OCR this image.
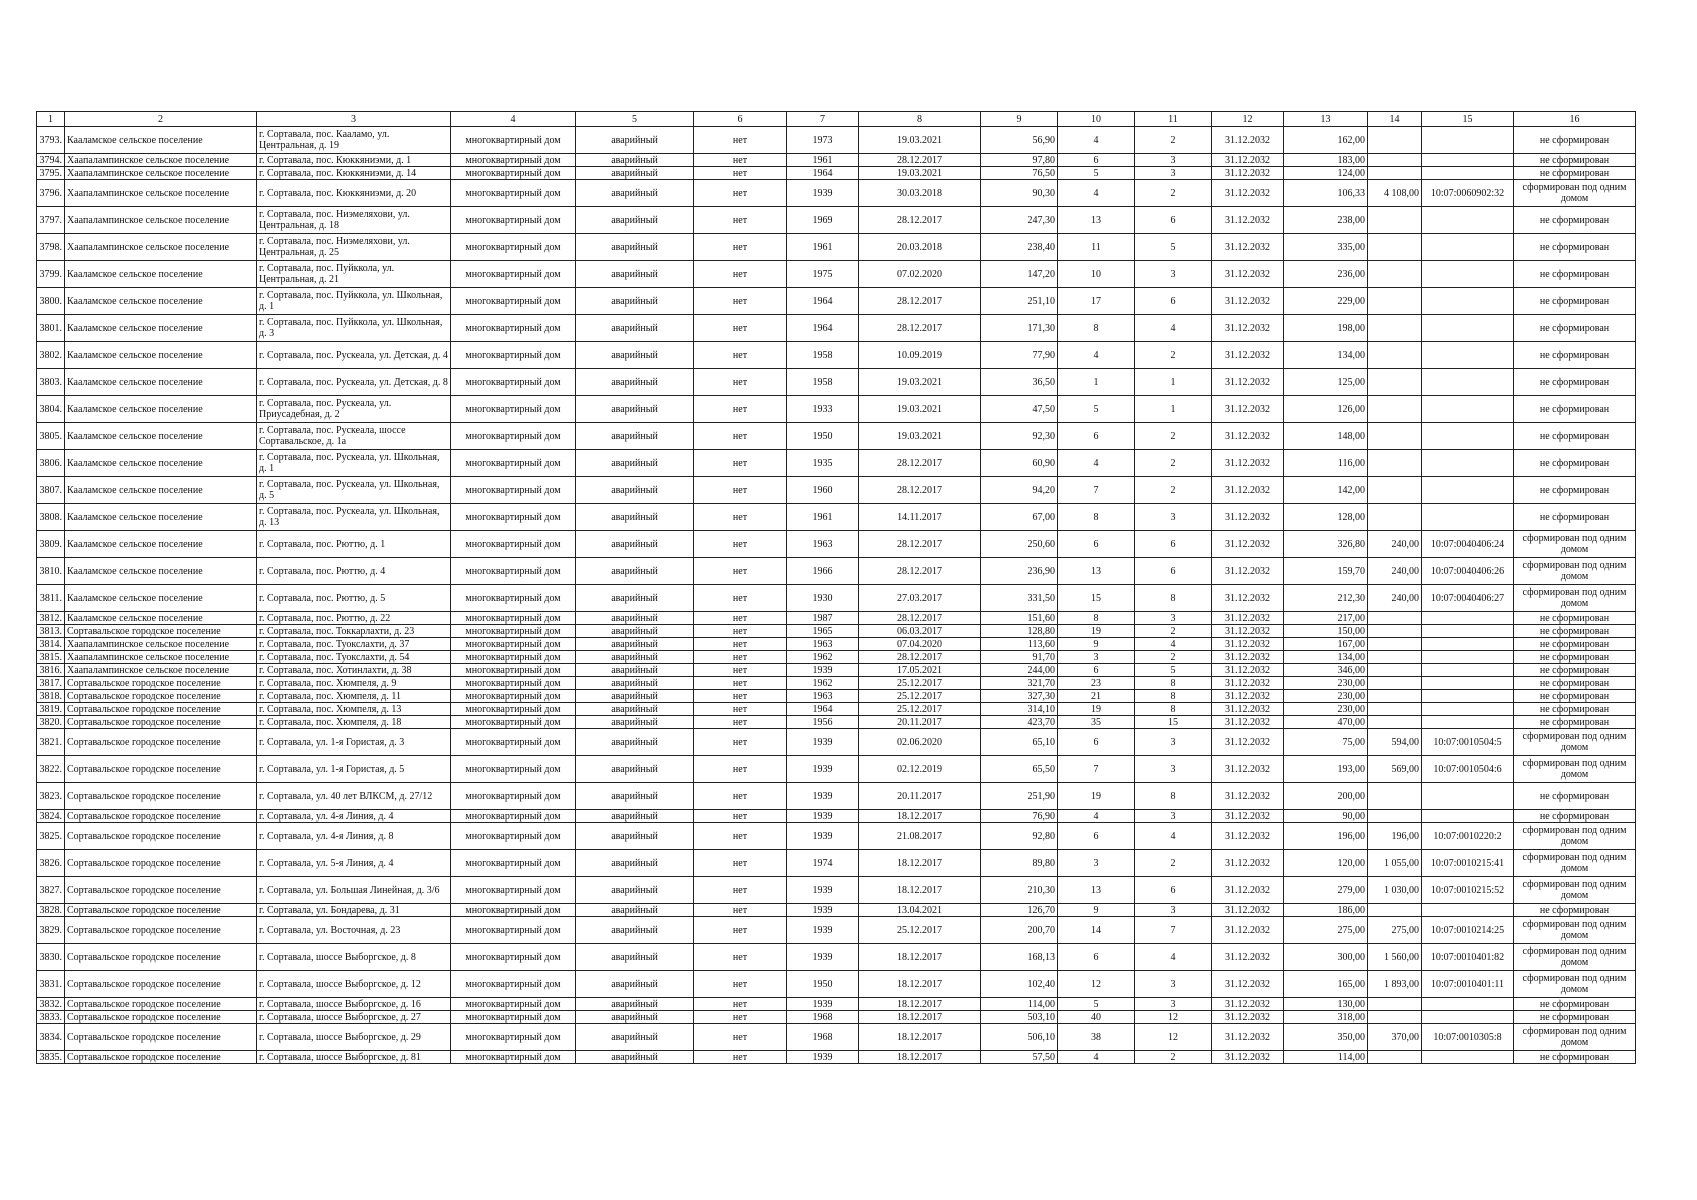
1	2	3	4	5	6	7	8	9	10	11	12	13	14	15	16
3793.	Кааламское сельское поселение	г. Сортавала, пос. Кааламо, ул. Центральная, д. 19	многоквартирный дом	аварийный	нет	1973	19.03.2021	56,90	4	2	31.12.2032	162,00			не сформирован
3794.	Хаапалампинское сельское поселение	г. Сортавала, пос. Кюккяниэми, д. 1	многоквартирный дом	аварийный	нет	1961	28.12.2017	97,80	6	3	31.12.2032	183,00			не сформирован
3795.	Хаапалампинское сельское поселение	г. Сортавала, пос. Кюккяниэми, д. 14	многоквартирный дом	аварийный	нет	1964	19.03.2021	76,50	5	3	31.12.2032	124,00			не сформирован
3796.	Хаапалампинское сельское поселение	г. Сортавала, пос. Кюккяниэми, д. 20	многоквартирный дом	аварийный	нет	1939	30.03.2018	90,30	4	2	31.12.2032	106,33	4 108,00	10:07:0060902:32	сформирован под одним домом
3797.	Хаапалампинское сельское поселение	г. Сортавала, пос. Ниэмеляхови, ул. Центральная, д. 18	многоквартирный дом	аварийный	нет	1969	28.12.2017	247,30	13	6	31.12.2032	238,00			не сформирован
3798.	Хаапалампинское сельское поселение	г. Сортавала, пос. Ниэмеляхови, ул. Центральная, д. 25	многоквартирный дом	аварийный	нет	1961	20.03.2018	238,40	11	5	31.12.2032	335,00			не сформирован
3799.	Кааламское сельское поселение	г. Сортавала, пос. Пуйккола, ул. Центральная, д. 21	многоквартирный дом	аварийный	нет	1975	07.02.2020	147,20	10	3	31.12.2032	236,00			не сформирован
3800.	Кааламское сельское поселение	г. Сортавала, пос. Пуйккола, ул. Школьная, д. 1	многоквартирный дом	аварийный	нет	1964	28.12.2017	251,10	17	6	31.12.2032	229,00			не сформирован
3801.	Кааламское сельское поселение	г. Сортавала, пос. Пуйккола, ул. Школьная, д. 3	многоквартирный дом	аварийный	нет	1964	28.12.2017	171,30	8	4	31.12.2032	198,00			не сформирован
3802.	Кааламское сельское поселение	г. Сортавала, пос. Рускеала, ул. Детская, д. 4	многоквартирный дом	аварийный	нет	1958	10.09.2019	77,90	4	2	31.12.2032	134,00			не сформирован
3803.	Кааламское сельское поселение	г. Сортавала, пос. Рускеала, ул. Детская, д. 8	многоквартирный дом	аварийный	нет	1958	19.03.2021	36,50	1	1	31.12.2032	125,00			не сформирован
3804.	Кааламское сельское поселение	г. Сортавала, пос. Рускеала, ул. Приусадебная, д. 2	многоквартирный дом	аварийный	нет	1933	19.03.2021	47,50	5	1	31.12.2032	126,00			не сформирован
3805.	Кааламское сельское поселение	г. Сортавала, пос. Рускеала, шоссе Сортавальское, д. 1а	многоквартирный дом	аварийный	нет	1950	19.03.2021	92,30	6	2	31.12.2032	148,00			не сформирован
3806.	Кааламское сельское поселение	г. Сортавала, пос. Рускеала, ул. Школьная, д. 1	многоквартирный дом	аварийный	нет	1935	28.12.2017	60,90	4	2	31.12.2032	116,00			не сформирован
3807.	Кааламское сельское поселение	г. Сортавала, пос. Рускеала, ул. Школьная, д. 5	многоквартирный дом	аварийный	нет	1960	28.12.2017	94,20	7	2	31.12.2032	142,00			не сформирован
3808.	Кааламское сельское поселение	г. Сортавала, пос. Рускеала, ул. Школьная, д. 13	многоквартирный дом	аварийный	нет	1961	14.11.2017	67,00	8	3	31.12.2032	128,00			не сформирован
3809.	Кааламское сельское поселение	г. Сортавала, пос. Рюттю, д. 1	многоквартирный дом	аварийный	нет	1963	28.12.2017	250,60	6	6	31.12.2032	326,80	240,00	10:07:0040406:24	сформирован под одним домом
3810.	Кааламское сельское поселение	г. Сортавала, пос. Рюттю, д. 4	многоквартирный дом	аварийный	нет	1966	28.12.2017	236,90	13	6	31.12.2032	159,70	240,00	10:07:0040406:26	сформирован под одним домом
3811.	Кааламское сельское поселение	г. Сортавала, пос. Рюттю, д. 5	многоквартирный дом	аварийный	нет	1930	27.03.2017	331,50	15	8	31.12.2032	212,30	240,00	10:07:0040406:27	сформирован под одним домом
3812.	Кааламское сельское поселение	г. Сортавала, пос. Рюттю, д. 22	многоквартирный дом	аварийный	нет	1987	28.12.2017	151,60	8	3	31.12.2032	217,00			не сформирован
3813.	Сортавальское городское поселение	г. Сортавала, пос. Токкарлахти, д. 23	многоквартирный дом	аварийный	нет	1965	06.03.2017	128,80	19	2	31.12.2032	150,00			не сформирован
3814.	Хаапалампинское сельское поселение	г. Сортавала, пос. Туокслахти, д. 37	многоквартирный дом	аварийный	нет	1963	07.04.2020	113,60	9	4	31.12.2032	167,00			не сформирован
3815.	Хаапалампинское сельское поселение	г. Сортавала, пос. Туокслахти, д. 54	многоквартирный дом	аварийный	нет	1962	28.12.2017	91,70	3	2	31.12.2032	134,00			не сформирован
3816.	Хаапалампинское сельское поселение	г. Сортавала, пос. Хотинлахти, д. 38	многоквартирный дом	аварийный	нет	1939	17.05.2021	244,00	6	5	31.12.2032	346,00			не сформирован
3817.	Сортавальское городское поселение	г. Сортавала, пос. Хюмпеля, д. 9	многоквартирный дом	аварийный	нет	1962	25.12.2017	321,70	23	8	31.12.2032	230,00			не сформирован
3818.	Сортавальское городское поселение	г. Сортавала, пос. Хюмпеля, д. 11	многоквартирный дом	аварийный	нет	1963	25.12.2017	327,30	21	8	31.12.2032	230,00			не сформирован
3819.	Сортавальское городское поселение	г. Сортавала, пос. Хюмпеля, д. 13	многоквартирный дом	аварийный	нет	1964	25.12.2017	314,10	19	8	31.12.2032	230,00			не сформирован
3820.	Сортавальское городское поселение	г. Сортавала, пос. Хюмпеля, д. 18	многоквартирный дом	аварийный	нет	1956	20.11.2017	423,70	35	15	31.12.2032	470,00			не сформирован
3821.	Сортавальское городское поселение	г. Сортавала, ул. 1-я Гористая, д. 3	многоквартирный дом	аварийный	нет	1939	02.06.2020	65,10	6	3	31.12.2032	75,00	594,00	10:07:0010504:5	сформирован под одним домом
3822.	Сортавальское городское поселение	г. Сортавала, ул. 1-я Гористая, д. 5	многоквартирный дом	аварийный	нет	1939	02.12.2019	65,50	7	3	31.12.2032	193,00	569,00	10:07:0010504:6	сформирован под одним домом
3823.	Сортавальское городское поселение	г. Сортавала, ул. 40 лет ВЛКСМ, д. 27/12	многоквартирный дом	аварийный	нет	1939	20.11.2017	251,90	19	8	31.12.2032	200,00			не сформирован
3824.	Сортавальское городское поселение	г. Сортавала, ул. 4-я Линия, д. 4	многоквартирный дом	аварийный	нет	1939	18.12.2017	76,90	4	3	31.12.2032	90,00			не сформирован
3825.	Сортавальское городское поселение	г. Сортавала, ул. 4-я Линия, д. 8	многоквартирный дом	аварийный	нет	1939	21.08.2017	92,80	6	4	31.12.2032	196,00	196,00	10:07:0010220:2	сформирован под одним домом
3826.	Сортавальское городское поселение	г. Сортавала, ул. 5-я Линия, д. 4	многоквартирный дом	аварийный	нет	1974	18.12.2017	89,80	3	2	31.12.2032	120,00	1 055,00	10:07:0010215:41	сформирован под одним домом
3827.	Сортавальское городское поселение	г. Сортавала, ул. Большая Линейная, д. 3/6	многоквартирный дом	аварийный	нет	1939	18.12.2017	210,30	13	6	31.12.2032	279,00	1 030,00	10:07:0010215:52	сформирован под одним домом
3828.	Сортавальское городское поселение	г. Сортавала, ул. Бондарева, д. 31	многоквартирный дом	аварийный	нет	1939	13.04.2021	126,70	9	3	31.12.2032	186,00			не сформирован
3829.	Сортавальское городское поселение	г. Сортавала, ул. Восточная, д. 23	многоквартирный дом	аварийный	нет	1939	25.12.2017	200,70	14	7	31.12.2032	275,00	275,00	10:07:0010214:25	сформирован под одним домом
3830.	Сортавальское городское поселение	г. Сортавала, шоссе Выборгское, д. 8	многоквартирный дом	аварийный	нет	1939	18.12.2017	168,13	6	4	31.12.2032	300,00	1 560,00	10:07:0010401:82	сформирован под одним домом
3831.	Сортавальское городское поселение	г. Сортавала, шоссе Выборгское, д. 12	многоквартирный дом	аварийный	нет	1950	18.12.2017	102,40	12	3	31.12.2032	165,00	1 893,00	10:07:0010401:11	сформирован под одним домом
3832.	Сортавальское городское поселение	г. Сортавала, шоссе Выборгское, д. 16	многоквартирный дом	аварийный	нет	1939	18.12.2017	114,00	5	3	31.12.2032	130,00			не сформирован
3833.	Сортавальское городское поселение	г. Сортавала, шоссе Выборгское, д. 27	многоквартирный дом	аварийный	нет	1968	18.12.2017	503,10	40	12	31.12.2032	318,00			не сформирован
3834.	Сортавальское городское поселение	г. Сортавала, шоссе Выборгское, д. 29	многоквартирный дом	аварийный	нет	1968	18.12.2017	506,10	38	12	31.12.2032	350,00	370,00	10:07:0010305:8	сформирован под одним домом
3835.	Сортавальское городское поселение	г. Сортавала, шоссе Выборгское, д. 81	многоквартирный дом	аварийный	нет	1939	18.12.2017	57,50	4	2	31.12.2032	114,00			не сформирован
